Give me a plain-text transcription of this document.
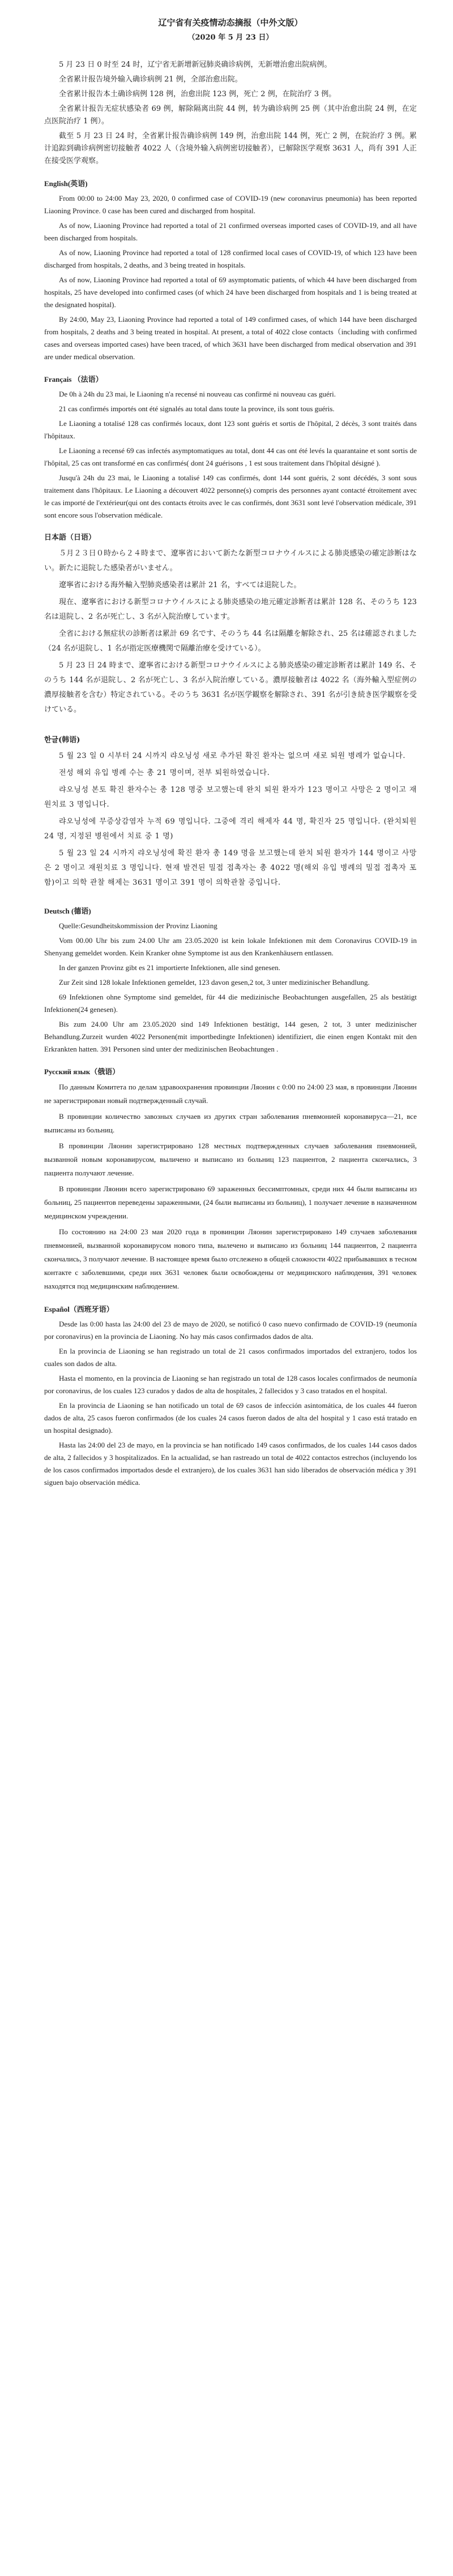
辽宁省有关疫情动态摘报（中外文版）
（2020 年 5 月 23 日）

5 月 23 日 0 时至 24 时，辽宁省无新增新冠肺炎确诊病例，无新增治愈出院病例。

全省累计报告境外输入确诊病例 21 例，全部治愈出院。

全省累计报告本土确诊病例 128 例，治愈出院 123 例，死亡 2 例，在院治疗 3 例。

全省累计报告无症状感染者 69 例，解除隔离出院 44 例，转为确诊病例 25 例（其中治愈出院 24 例，在定点医院治疗 1 例）。

截至 5 月 23 日 24 时，全省累计报告确诊病例 149 例，治愈出院 144 例，死亡 2 例，在院治疗 3 例。累计追踪到确诊病例密切接触者 4022 人（含境外输入病例密切接触者），已解除医学观察 3631 人，尚有 391 人正在接受医学观察。

English(英语)

From 00:00 to 24:00 May 23, 2020, 0 confirmed case of COVID-19 (new coronavirus pneumonia) has been reported Liaoning Province. 0 case has been cured and discharged from hospital.

As of now, Liaoning Province had reported a total of 21 confirmed overseas imported cases of COVID-19, and all have been discharged from hospitals.

As of now, Liaoning Province had reported a total of 128 confirmed local cases of COVID-19, of which 123 have been discharged from hospitals, 2 deaths, and 3 being treated in hospitals.

As of now, Liaoning Province had reported a total of 69 asymptomatic patients, of which 44 have been discharged from hospitals, 25 have developed into confirmed cases (of which 24 have been discharged from hospitals and 1 is being treated at the designated hospital).

By 24:00, May 23, Liaoning Province had reported a total of 149 confirmed cases, of which 144 have been discharged from hospitals, 2 deaths and 3 being treated in hospital. At present, a total of 4022 close contacts（including with confirmed cases and overseas imported cases) have been traced, of which 3631 have been discharged from medical observation and 391 are under medical observation.

Français （法语）

De 0h à 24h du 23 mai, le Liaoning n'a recensé ni nouveau cas confirmé ni nouveau cas guéri.

21 cas confirmés importés ont été signalés au total dans toute la province, ils sont tous guéris.

Le Liaoning a totalisé 128 cas confirmés locaux, dont 123 sont guéris et sortis de l'hôpital, 2 décès, 3 sont traités dans l'hôpitaux.

Le Liaoning a recensé 69 cas infectés asymptomatiques au total, dont 44 cas ont été levés la quarantaine et sont sortis de l'hôpital, 25 cas ont transformé en cas confirmés( dont 24 guérisons , 1 est sous traitement dans l'hôpital désigné ).

Jusqu'à 24h du 23 mai, le Liaoning a totalisé 149 cas confirmés, dont 144 sont guéris, 2 sont décédés, 3 sont sous traitement dans l'hôpitaux. Le Liaoning a découvert 4022 personne(s) compris des personnes ayant contacté étroitement avec le cas importé de l'extérieur(qui ont des contacts étroits avec le cas confirmés, dont 3631 sont levé l'observation médicale, 391 sont encore sous l'observation médicale.

日本語（日语）

５月２３日０時から２４時まで、遼寧省において新たな新型コロナウイルスによる肺炎感染の確定診断はない。新たに退院した感染者がいません。

遼寧省における海外輸入型肺炎感染者は累計 21 名，すべては退院した。

現在、遼寧省における新型コロナウイルスによる肺炎感染の地元確定診断者は累計 128 名、そのうち 123 名は退院し、2 名が死亡し、3 名が入院治療しています。

全省における無症状の診断者は累計 69 名です、そのうち 44 名は隔離を解除され、25 名は確認されました（24 名が退院し、1 名が指定医療機関で隔離治療を受けている）。

5 月 23 日 24 時まで、遼寧省における新型コロナウイルスによる肺炎感染の確定診断者は累計 149 名、そのうち 144 名が退院し、2 名が死亡し、3 名が入院治療している。濃厚接触者は 4022 名（海外輸入型症例の濃厚接触者を含む）特定されている。そのうち 3631 名が医学観察を解除され、391 名が引き続き医学観察を受けている。

한글(韩语)

5 월 23 일 0 시부터 24 시까지 랴오닝성 새로 추가된 확진 환자는 없으며 새로 퇴원 병례가 없습니다.

전성 해외 유입 병례 수는 총 21 명이며, 전부 퇴원하였습니다.

랴오닝성 본토 확진 환자수는 총 128 명중 보고했는데 완치 퇴원 환자가 123 명이고 사망은 2 명이고 재원치료 3 명입니다.

랴오닝성에 무증상감염자 누적 69 명입니다. 그중에 격리 해제자 44 명, 확진자 25 명입니다. (완치퇴원 24 명, 지정된 병원에서 치료 중 1 명)

5 월 23 일 24 시까지 랴오닝성에 확진 환자 총 149 명을 보고했는데 완치 퇴원 환자가 144 명이고 사망은 2 명이고 재원치료 3 명입니다. 현재 발견된 밀접 접촉자는 총 4022 명(해외 유입 병례의 밀접 접촉자 포함)이고 의학 관찰 해제는 3631 명이고 391 명이 의학관찰 중입니다.

Deutsch (德语)

Quelle:Gesundheitskommission der Provinz Liaoning

Vom 00.00 Uhr bis zum 24.00 Uhr am 23.05.2020 ist kein lokale Infektionen mit dem Coronavirus COVID-19 in Shenyang gemeldet worden. Kein Kranker ohne Symptome ist aus den Krankenhäusern entlassen.

In der ganzen Provinz gibt es 21 importierte Infektionen, alle sind genesen.

Zur Zeit sind 128 lokale Infektionen gemeldet, 123 davon gesen,2 tot, 3 unter medizinischer Behandlung.

69 Infektionen ohne Symptome sind gemeldet, für 44 die medizinische Beobachtungen ausgefallen, 25 als bestätigt Infektionen(24 genesen).

Bis zum 24.00 Uhr am 23.05.2020 sind 149 Infektionen bestätigt, 144 gesen, 2 tot, 3 unter medizinischer Behandlung.Zurzeit wurden 4022 Personen(mit importbedingte Infektionen) identifiziert, die einen engen Kontakt mit den Erkrankten hatten. 391 Personen sind unter der medizinischen Beobachtungen .

Русский язык（俄语）

По данным Комитета по делам здравоохранения провинции Ляонин с 0:00 по 24:00 23 мая, в провинции Ляонин не зарегистрирован новый подтвержденный случай.

В провинции количество завозных случаев из других стран заболевания пневмонией коронавируса—21, все выписаны из больниц.

В провинции Ляонин зарегистрировано 128 местных подтвержденных случаев заболевания пневмонией, вызванной новым коронавирусом, выличено и выписано из больниц 123 пациентов, 2 пациента скончались, 3 пациента получают лечение.

В провинции Ляонин всего зарегистрировано 69 зараженных бессимптомных, среди них 44 были выписаны из больниц, 25 пациентов переведены зараженными, (24 были выписаны из больниц), 1 получает лечение в назначенном медицинском учреждении.

По состоянию на 24:00 23 мая 2020 года в провинции Ляонин зарегистрировано 149 случаев заболевания пневмонией, вызванной коронавирусом нового типа, вылечено и выписано из больниц 144 пациентов, 2 пациента скончались, 3 получают лечение. В настоящее время было отслежено в общей сложности 4022 прибывавших в тесном контакте с заболевшими, среди них 3631 человек были освобождены от медицинского наблюдения, 391 человек находятся под медицинским наблюдением.

Español（西班牙语）

Desde las 0:00 hasta las 24:00 del 23 de mayo de 2020, se notificó 0 caso nuevo confirmado de COVID-19 (neumonía por coronavirus) en la provincia de Liaoning. No hay más casos confirmados dados de alta.

En la provincia de Liaoning se han registrado un total de 21 casos confirmados importados del extranjero, todos los cuales son dados de alta.

Hasta el momento, en la provincia de Liaoning se han registrado un total de 128 casos locales confirmados de neumonía por coronavirus, de los cuales 123 curados y dados de alta de hospitales, 2 fallecidos y 3 caso tratados en el hospital.

En la provincia de Liaoning se han notificado un total de 69 casos de infección asintomática, de los cuales 44 fueron dados de alta, 25 casos fueron confirmados (de los cuales 24 casos fueron dados de alta del hospital y 1 caso está tratado en un hospital designado).

Hasta las 24:00 del 23 de mayo, en la provincia se han notificado 149 casos confirmados, de los cuales 144 casos dados de alta, 2 fallecidos y 3 hospitalizados. En la actualidad, se han rastreado un total de 4022 contactos estrechos (incluyendo los de los casos confirmados importados desde el extranjero), de los cuales 3631 han sido liberados de observación médica y 391 siguen bajo observación médica.
